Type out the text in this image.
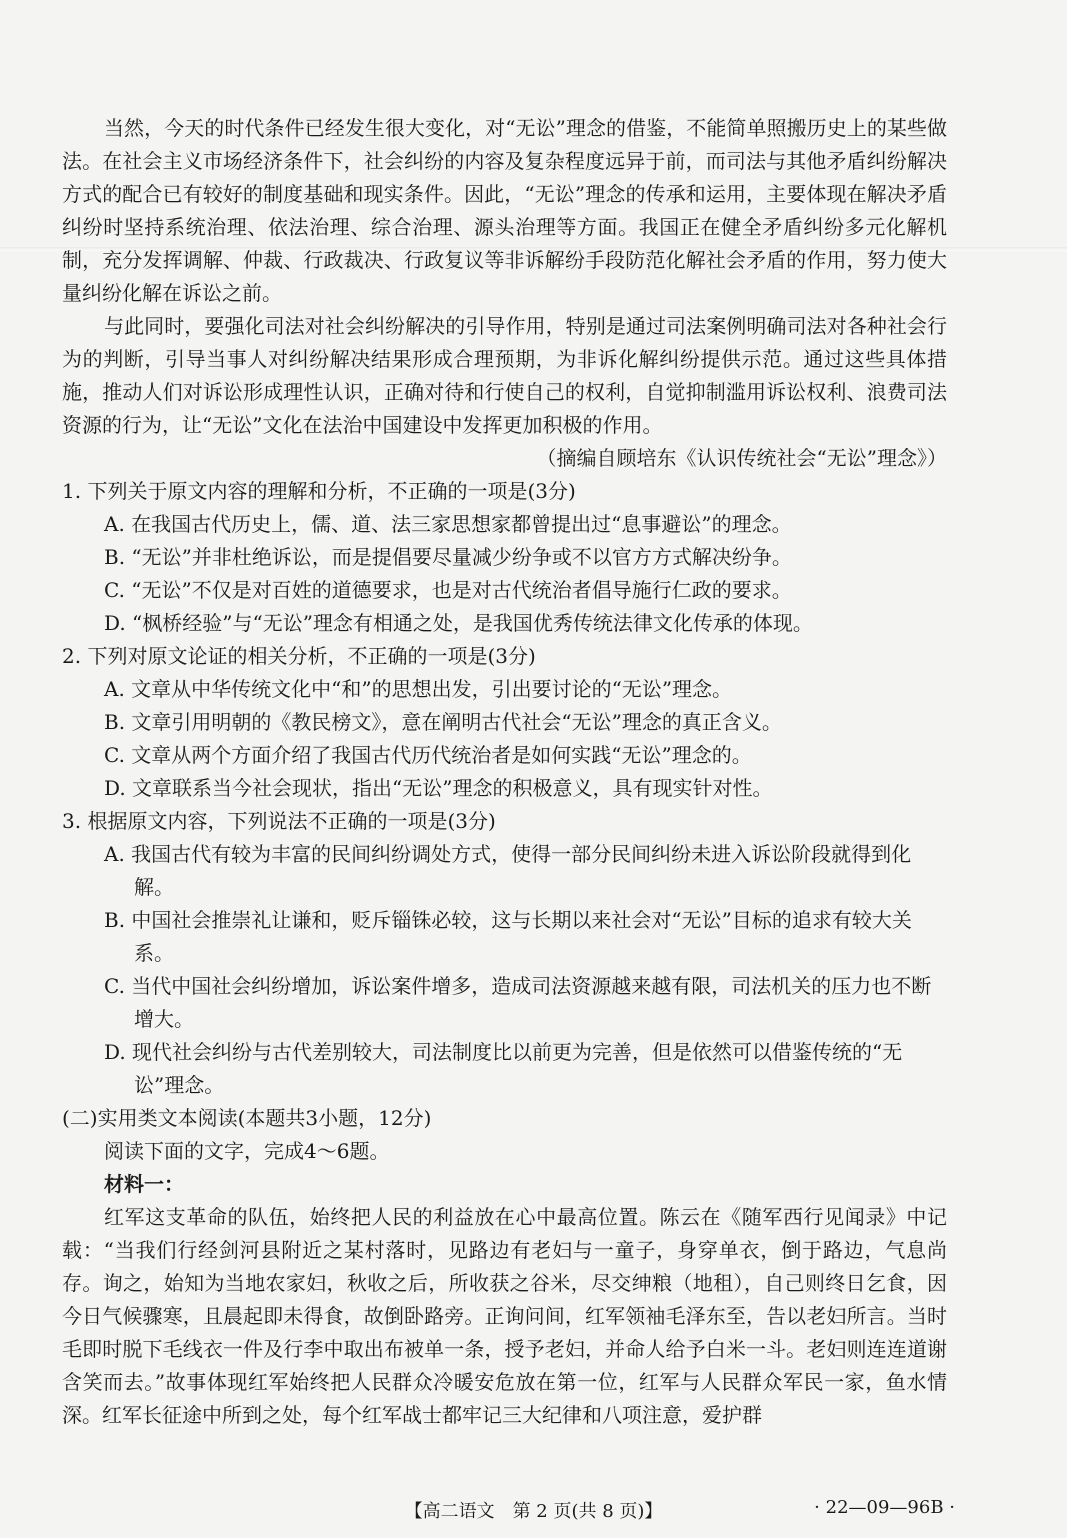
当然，今天的时代条件已经发生很大变化，对“无讼”理念的借鉴，不能简单照搬历史上的某些做法。在社会主义市场经济条件下，社会纠纷的内容及复杂程度远异于前，而司法与其他矛盾纠纷解决方式的配合已有较好的制度基础和现实条件。因此，“无讼”理念的传承和运用，主要体现在解决矛盾纠纷时坚持系统治理、依法治理、综合治理、源头治理等方面。我国正在健全矛盾纠纷多元化解机制，充分发挥调解、仲裁、行政裁决、行政复议等非诉解纷手段防范化解社会矛盾的作用，努力使大量纠纷化解在诉讼之前。

与此同时，要强化司法对社会纠纷解决的引导作用，特别是通过司法案例明确司法对各种社会行为的判断，引导当事人对纠纷解决结果形成合理预期，为非诉化解纠纷提供示范。通过这些具体措施，推动人们对诉讼形成理性认识，正确对待和行使自己的权利，自觉抑制滥用诉讼权利、浪费司法资源的行为，让“无讼”文化在法治中国建设中发挥更加积极的作用。

（摘编自顾培东《认识传统社会“无讼”理念》）

1. 下列关于原文内容的理解和分析，不正确的一项是(3分)

A. 在我国古代历史上，儒、道、法三家思想家都曾提出过“息事避讼”的理念。

B. “无讼”并非杜绝诉讼，而是提倡要尽量减少纷争或不以官方方式解决纷争。

C. “无讼”不仅是对百姓的道德要求，也是对古代统治者倡导施行仁政的要求。

D. “枫桥经验”与“无讼”理念有相通之处，是我国优秀传统法律文化传承的体现。

2. 下列对原文论证的相关分析，不正确的一项是(3分)

A. 文章从中华传统文化中“和”的思想出发，引出要讨论的“无讼”理念。

B. 文章引用明朝的《教民榜文》，意在阐明古代社会“无讼”理念的真正含义。

C. 文章从两个方面介绍了我国古代历代统治者是如何实践“无讼”理念的。

D. 文章联系当今社会现状，指出“无讼”理念的积极意义，具有现实针对性。

3. 根据原文内容，下列说法不正确的一项是(3分)

A. 我国古代有较为丰富的民间纠纷调处方式，使得一部分民间纠纷未进入诉讼阶段就得到化解。

B. 中国社会推崇礼让谦和，贬斥锱铢必较，这与长期以来社会对“无讼”目标的追求有较大关系。

C. 当代中国社会纠纷增加，诉讼案件增多，造成司法资源越来越有限，司法机关的压力也不断增大。

D. 现代社会纠纷与古代差别较大，司法制度比以前更为完善，但是依然可以借鉴传统的“无讼”理念。

(二)实用类文本阅读(本题共3小题，12分)

阅读下面的文字，完成4～6题。

材料一：

红军这支革命的队伍，始终把人民的利益放在心中最高位置。陈云在《随军西行见闻录》中记载：“当我们行经剑河县附近之某村落时，见路边有老妇与一童子，身穿单衣，倒于路边，气息尚存。询之，始知为当地农家妇，秋收之后，所收获之谷米，尽交绅粮（地租），自己则终日乞食，因今日气候骤寒，且晨起即未得食，故倒卧路旁。正询问间，红军领袖毛泽东至，告以老妇所言。当时毛即时脱下毛线衣一件及行李中取出布被单一条，授予老妇，并命人给予白米一斗。老妇则连连道谢含笑而去。”故事体现红军始终把人民群众冷暖安危放在第一位，红军与人民群众军民一家，鱼水情深。红军长征途中所到之处，每个红军战士都牢记三大纪律和八项注意，爱护群

【高二语文　第 2 页(共 8 页)】	· 22—09—96B ·
